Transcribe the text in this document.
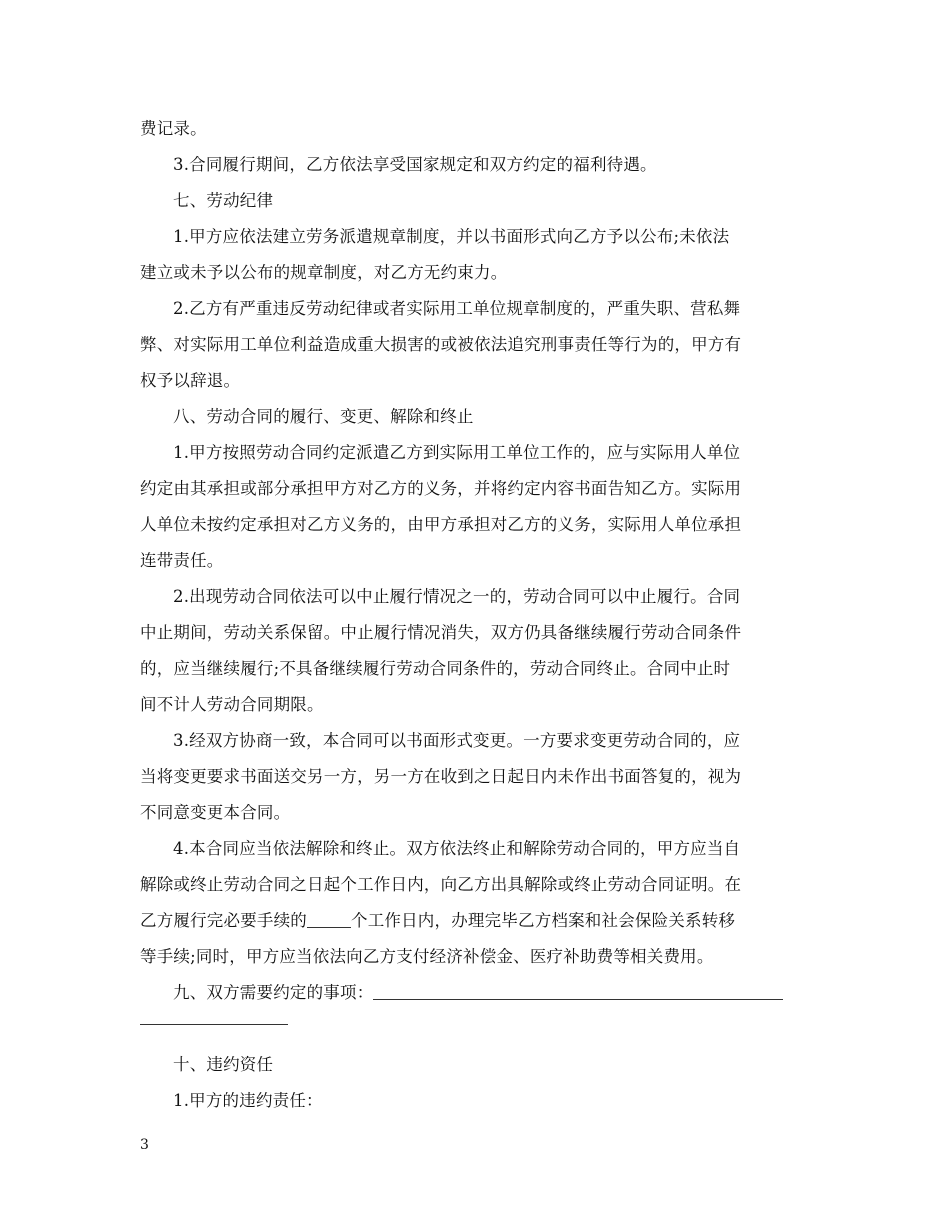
费记录。
3.合同履行期间，乙方依法享受国家规定和双方约定的福利待遇。
七、劳动纪律
1.甲方应依法建立劳务派遣规章制度，并以书面形式向乙方予以公布;未依法
建立或未予以公布的规章制度，对乙方无约束力。
2.乙方有严重违反劳动纪律或者实际用工单位规章制度的，严重失职、营私舞
弊、对实际用工单位利益造成重大损害的或被依法追究刑事责任等行为的，甲方有
权予以辞退。
八、劳动合同的履行、变更、解除和终止
1.甲方按照劳动合同约定派遣乙方到实际用工单位工作的，应与实际用人单位
约定由其承担或部分承担甲方对乙方的义务，并将约定内容书面告知乙方。实际用
人单位未按约定承担对乙方义务的，由甲方承担对乙方的义务，实际用人单位承担
连带责任。
2.出现劳动合同依法可以中止履行情况之一的，劳动合同可以中止履行。合同
中止期间，劳动关系保留。中止履行情况消失，双方仍具备继续履行劳动合同条件
的，应当继续履行;不具备继续履行劳动合同条件的，劳动合同终止。合同中止时
间不计人劳动合同期限。
3.经双方协商一致，本合同可以书面形式变更。一方要求变更劳动合同的，应
当将变更要求书面送交另一方，另一方在收到之日起日内未作出书面答复的，视为
不同意变更本合同。
4.本合同应当依法解除和终止。双方依法终止和解除劳动合同的，甲方应当自
解除或终止劳动合同之日起个工作日内，向乙方出具解除或终止劳动合同证明。在
乙方履行完必要手续的	个工作日内，办理完毕乙方档案和社会保险关系转移
等手续;同时，甲方应当依法向乙方支付经济补偿金、医疗补助费等相关费用。
九、双方需要约定的事项：
十、违约资任
1.甲方的违约责任：
3
